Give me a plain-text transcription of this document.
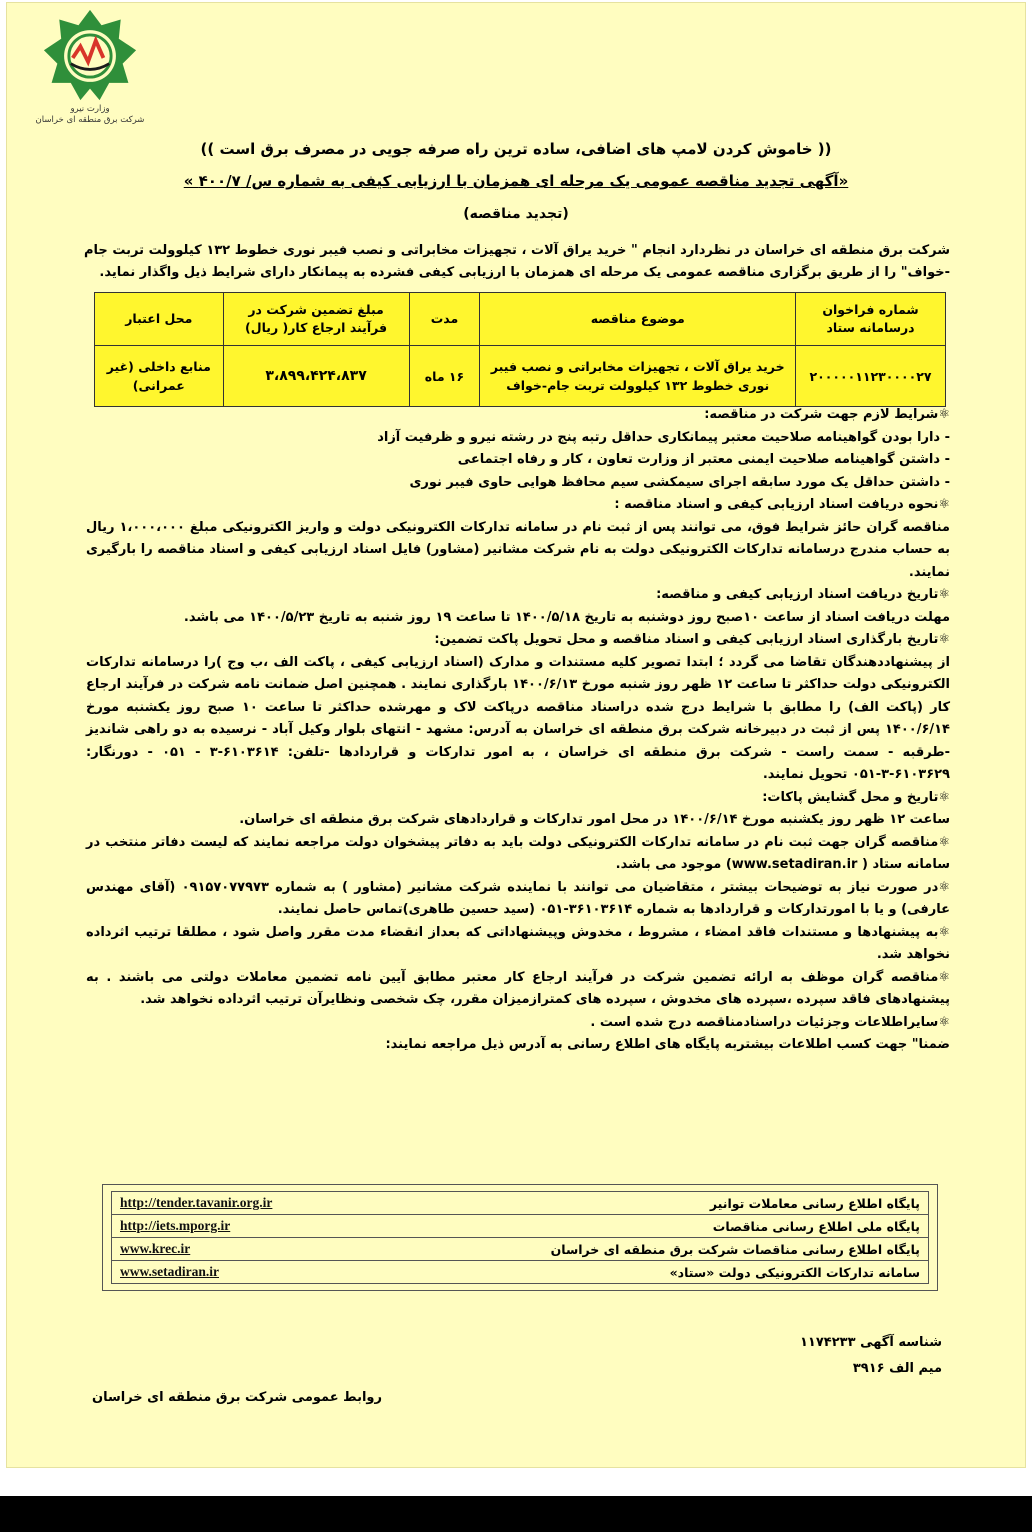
وزارت نیرو
شرکت برق منطقه ای خراسان
(( خاموش کردن لامپ های اضافی، ساده ترین راه صرفه جویی در مصرف برق است ))
«آگهی تجدید مناقصه عمومی یک مرحله ای همزمان با ارزیابی کیفی به شماره س/ ۴۰۰/۷ »
(تجدید مناقصه)
شرکت برق منطقه ای خراسان در نظردارد انجام " خرید یراق آلات ، تجهیزات مخابراتی و نصب فیبر نوری خطوط ۱۳۲ کیلوولت تربت جام -خواف" را از طریق برگزاری مناقصه عمومی یک مرحله ای همزمان با ارزیابی کیفی فشرده به پیمانکار دارای شرایط ذیل واگذار نماید.
شماره فراخوان درسامانه ستاد	موضوع مناقصه	مدت	مبلغ تضمین شرکت در فرآیند ارجاع کار( ریال)	محل اعتبار
۲۰۰۰۰۰۱۱۲۳۰۰۰۰۲۷	خرید یراق آلات ، تجهیزات مخابراتی و نصب فیبر نوری خطوط ۱۳۲ کیلوولت تربت جام-خواف	۱۶ ماه	۳،۸۹۹،۴۲۴،۸۳۷	منابع داخلی (غیر عمرانی)

⚛شرایط لازم جهت شرکت در مناقصه:

- دارا بودن گواهینامه صلاحیت معتبر پیمانکاری حداقل رتبه پنج در رشته نیرو و ظرفیت آزاد

- داشتن گواهینامه صلاحیت ایمنی معتبر از وزارت تعاون ، کار و رفاه اجتماعی

- داشتن حداقل یک مورد سابقه اجرای سیمکشی سیم محافظ هوایی حاوی فیبر نوری

⚛نحوه دریافت اسناد ارزیابی کیفی و اسناد مناقصه :

مناقصه گران حائز شرایط فوق، می توانند پس از ثبت نام در سامانه تدارکات الکترونیکی دولت و واریز الکترونیکی مبلغ ۱،۰۰۰،۰۰۰ ریال به حساب مندرج درسامانه تدارکات الکترونیکی دولت به نام شرکت مشانیر (مشاور) فایل اسناد ارزیابی کیفی و اسناد مناقصه را بارگیری نمایند.

⚛تاریخ دریافت اسناد ارزیابی کیفی و مناقصه:

مهلت دریافت اسناد از ساعت ۱۰صبح روز دوشنبه به تاریخ ۱۴۰۰/۵/۱۸ تا ساعت ۱۹ روز شنبه به تاریخ ۱۴۰۰/۵/۲۳ می باشد.

⚛تاریخ بارگذاری اسناد ارزیابی کیفی و اسناد مناقصه و محل تحویل پاکت تضمین:

از پیشنهاددهندگان تقاضا می گردد ؛ ابتدا تصویر کلیه مستندات و مدارک (اسناد ارزیابی کیفی ، پاکت الف ،ب وج )را درسامانه تدارکات الکترونیکی دولت حداکثر تا ساعت ۱۲ ظهر روز شنبه مورخ ۱۴۰۰/۶/۱۳ بارگذاری نمایند . همچنین اصل ضمانت نامه شرکت در فرآیند ارجاع کار (پاکت الف) را مطابق با شرایط درج شده دراسناد مناقصه درپاکت لاک و مهرشده حداکثر تا ساعت ۱۰ صبح روز یکشنبه مورخ ۱۴۰۰/۶/۱۴ پس از ثبت در دبیرخانه شرکت برق منطقه ای خراسان به آدرس: مشهد - انتهای بلوار وکیل آباد - نرسیده به دو راهی شاندیز -طرقبه - سمت راست - شرکت برق منطقه ای خراسان ، به امور تدارکات و قراردادها -تلفن: ۶۱۰۳۶۱۴-۳ - ۰۵۱ - دورنگار: ۶۱۰۳۶۲۹-۳-۰۵۱ تحویل نمایند.

⚛تاریخ و محل گشایش پاکات:

ساعت ۱۲ ظهر روز یکشنبه مورخ ۱۴۰۰/۶/۱۴ در محل امور تدارکات و قراردادهای شرکت برق منطقه ای خراسان.

⚛مناقصه گران جهت ثبت نام در سامانه تدارکات الکترونیکی دولت باید به دفاتر پیشخوان دولت مراجعه نمایند که لیست دفاتر منتخب در سامانه ستاد ( www.setadiran.ir) موجود می باشد.

⚛در صورت نیاز به توضیحات بیشتر ، متقاضیان می توانند با نماینده شرکت مشانیر (مشاور ) به شماره ۰۹۱۵۷۰۷۷۹۷۳ (آقای مهندس عارفی) و یا با امورتدارکات و قراردادها به شماره ۳۶۱۰۳۶۱۴-۰۵۱ (سید حسین طاهری)تماس حاصل نمایند.

⚛به پیشنهادها و مستندات فاقد امضاء ، مشروط ، مخدوش وپیشنهاداتی که بعداز انقضاء مدت مقرر واصل شود ، مطلقا ترتیب اثرداده نخواهد شد.

⚛مناقصه گران موظف به ارائه تضمین شرکت در فرآیند ارجاع کار معتبر مطابق آیین نامه تضمین معاملات دولتی می باشند . به پیشنهادهای فاقد سپرده ،سپرده های مخدوش ، سپرده های کمترازمیزان مقرر، چک شخصی ونظایرآن ترتیب اثرداده نخواهد شد.

⚛سایراطلاعات وجزئیات دراسنادمناقصه درج شده است .

ضمنا" جهت کسب اطلاعات بیشتربه پایگاه های اطلاع رسانی به آدرس ذیل مراجعه نمایند:

پایگاه اطلاع رسانی معاملات توانیر
http://tender.tavanir.org.ir
پایگاه ملی اطلاع رسانی مناقصات
http://iets.mporg.ir
پایگاه اطلاع رسانی مناقصات شرکت برق منطقه ای خراسان
www.krec.ir
سامانه تدارکات الکترونیکی دولت «ستاد»
www.setadiran.ir
شناسه آگهی ۱۱۷۴۲۳۳
میم الف ۳۹۱۶
روابط عمومی شرکت برق منطقه ای خراسان
